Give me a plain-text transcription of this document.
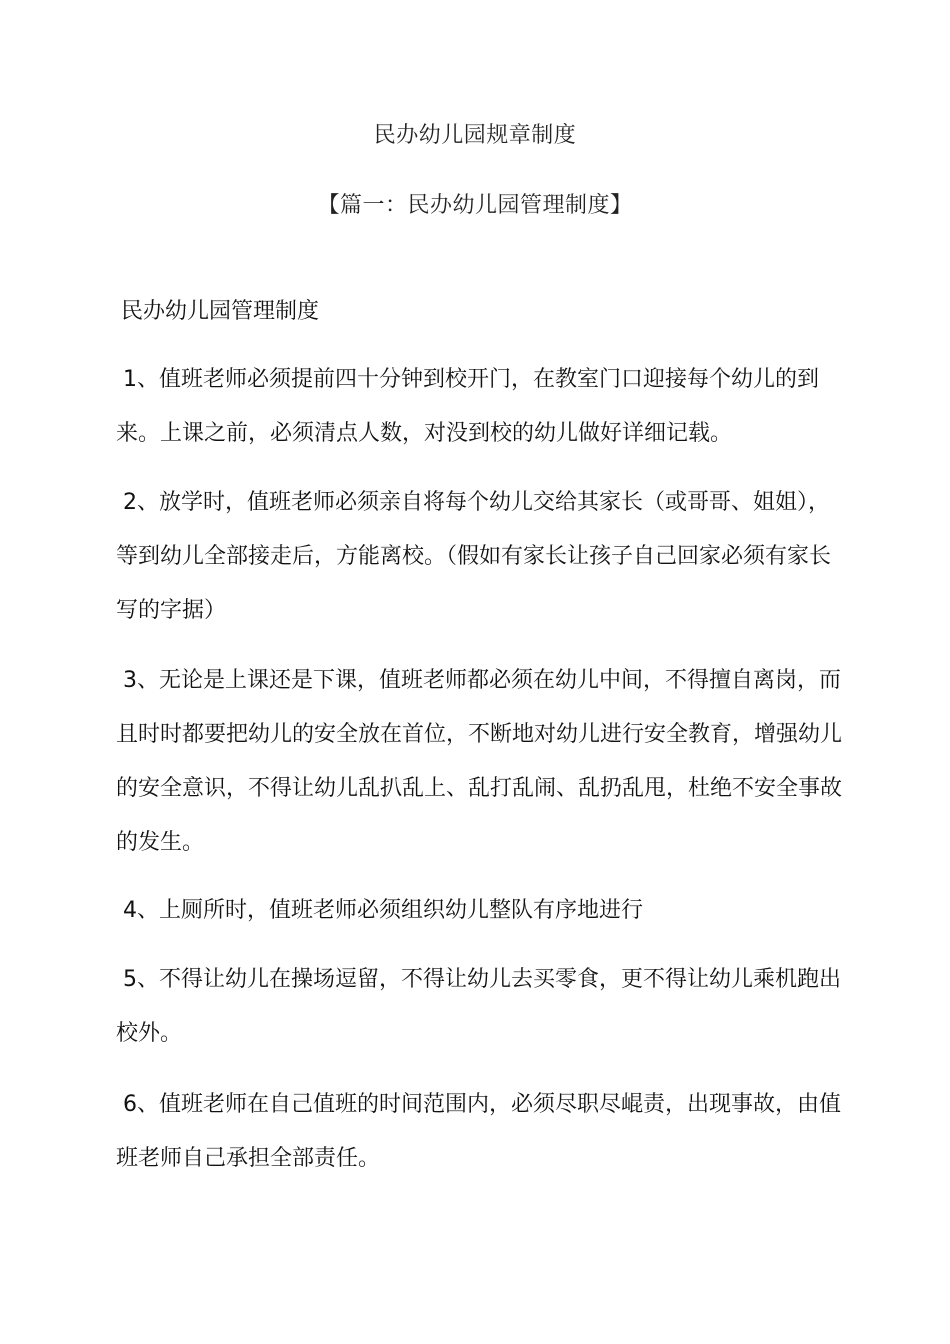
民办幼儿园规章制度
【篇一：民办幼儿园管理制度】
民办幼儿园管理制度
1、值班老师必须提前四十分钟到校开门，在教室门口迎接每个幼儿的到来。上课之前，必须清点人数，对没到校的幼儿做好详细记载。
2、放学时，值班老师必须亲自将每个幼儿交给其家长（或哥哥、姐姐），等到幼儿全部接走后，方能离校。（假如有家长让孩子自己回家必须有家长写的字据）
3、无论是上课还是下课，值班老师都必须在幼儿中间，不得擅自离岗，而且时时都要把幼儿的安全放在首位，不断地对幼儿进行安全教育，增强幼儿的安全意识，不得让幼儿乱扒乱上、乱打乱闹、乱扔乱甩，杜绝不安全事故的发生。
4、上厕所时，值班老师必须组织幼儿整队有序地进行
5、不得让幼儿在操场逗留，不得让幼儿去买零食，更不得让幼儿乘机跑出校外。
6、值班老师在自己值班的时间范围内，必须尽职尽崐责，出现事故，由值班老师自己承担全部责任。
